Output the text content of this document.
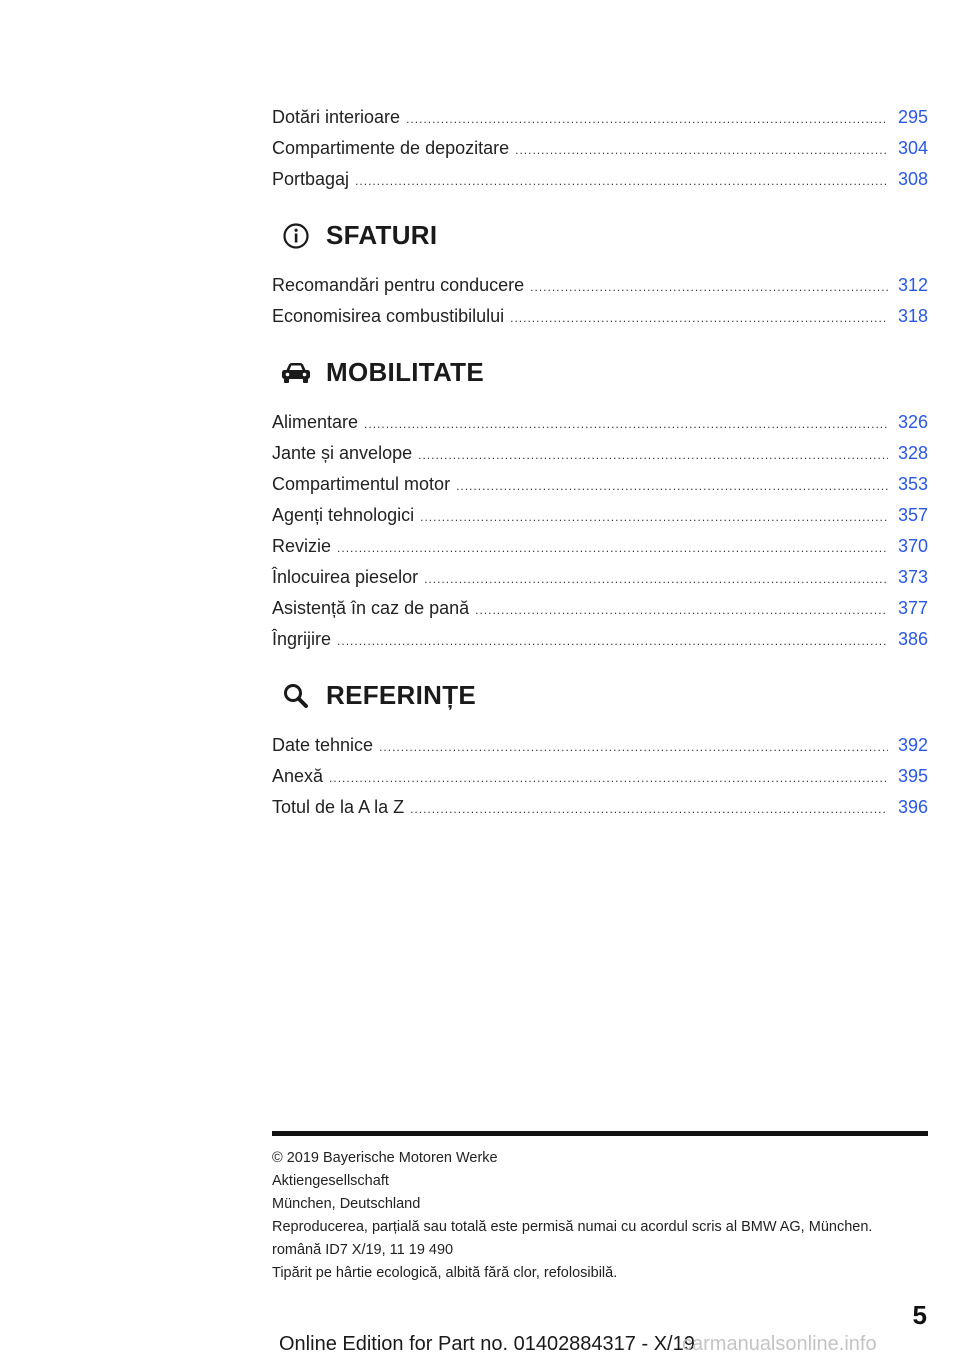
Dotări interioare .....	295
Compartimente de depozitare .....	304
Portbagaj .....	308
SFATURI
Recomandări pentru conducere .....	312
Economisirea combustibilului .....	318
MOBILITATE
Alimentare .....	326
Jante și anvelope .....	328
Compartimentul motor .....	353
Agenți tehnologici .....	357
Revizie .....	370
Înlocuirea pieselor .....	373
Asistență în caz de pană .....	377
Îngrijire .....	386
REFERINȚE
Date tehnice .....	392
Anexă .....	395
Totul de la A la Z .....	396
© 2019 Bayerische Motoren Werke
Aktiengesellschaft
München, Deutschland
Reproducerea, parțială sau totală este permisă numai cu acordul scris al BMW AG, München.
română ID7 X/19, 11 19 490
Tipărit pe hârtie ecologică, albită fără clor, refolosibilă.
5
Online Edition for Part no. 01402884317 - X/19
carmanualsonline.info
